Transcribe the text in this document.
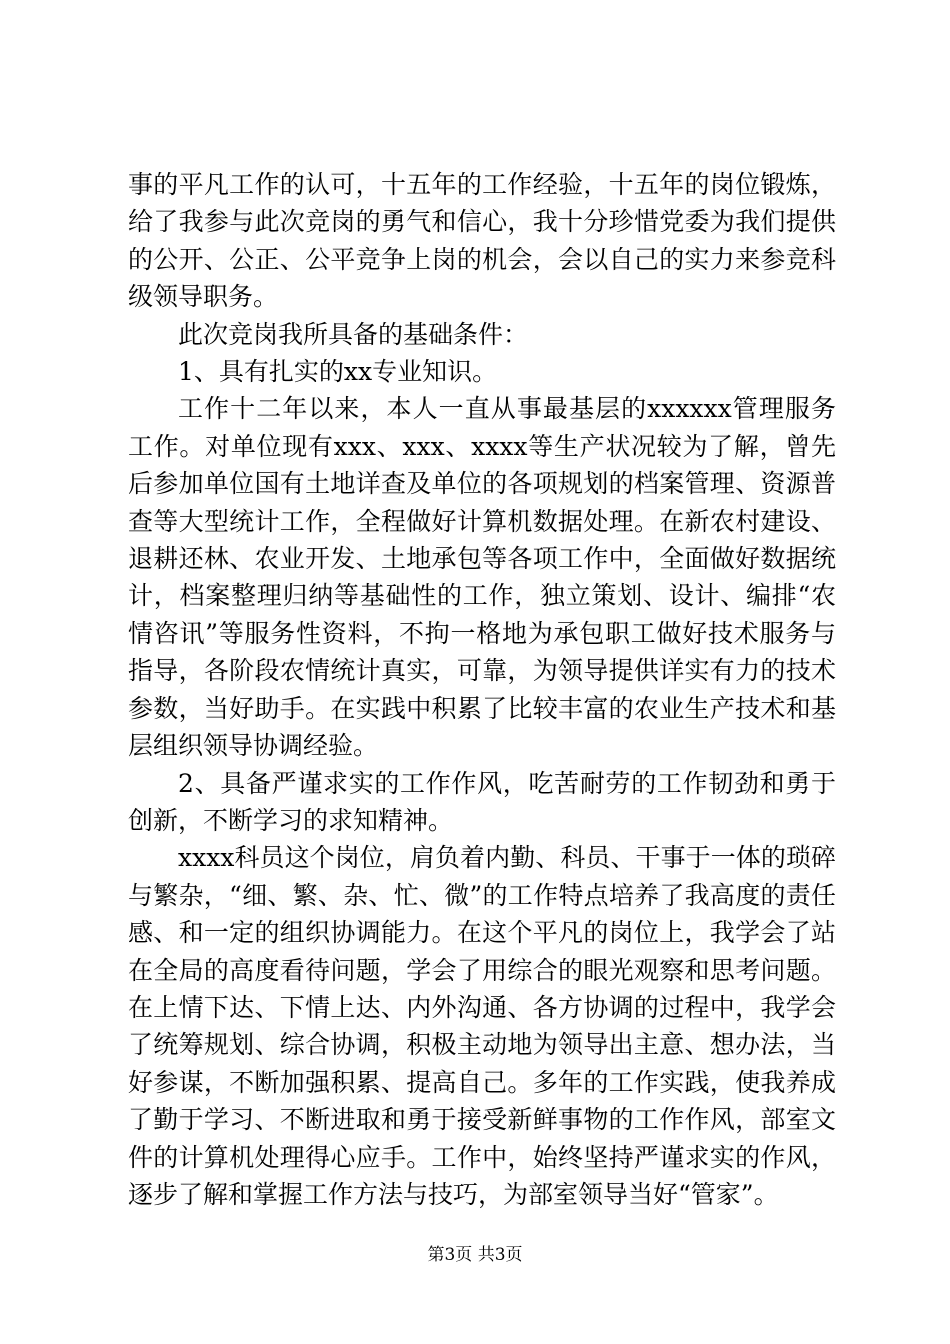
事的平凡工作的认可，十五年的工作经验，十五年的岗位锻炼，给了我参与此次竞岗的勇气和信心，我十分珍惜党委为我们提供的公开、公正、公平竞争上岗的机会，会以自己的实力来参竞科级领导职务。

此次竞岗我所具备的基础条件：

1、具有扎实的xx专业知识。

工作十二年以来，本人一直从事最基层的xxxxxx管理服务工作。对单位现有xxx、xxx、xxxx等生产状况较为了解，曾先后参加单位国有土地详查及单位的各项规划的档案管理、资源普查等大型统计工作，全程做好计算机数据处理。在新农村建设、退耕还林、农业开发、土地承包等各项工作中，全面做好数据统计，档案整理归纳等基础性的工作，独立策划、设计、编排“农情咨讯”等服务性资料，不拘一格地为承包职工做好技术服务与指导，各阶段农情统计真实，可靠，为领导提供详实有力的技术参数，当好助手。在实践中积累了比较丰富的农业生产技术和基层组织领导协调经验。

2、具备严谨求实的工作作风，吃苦耐劳的工作韧劲和勇于创新，不断学习的求知精神。

xxxx科员这个岗位，肩负着内勤、科员、干事于一体的琐碎与繁杂，“细、繁、杂、忙、微”的工作特点培养了我高度的责任感、和一定的组织协调能力。在这个平凡的岗位上，我学会了站在全局的高度看待问题，学会了用综合的眼光观察和思考问题。在上情下达、下情上达、内外沟通、各方协调的过程中，我学会了统筹规划、综合协调，积极主动地为领导出主意、想办法，当好参谋，不断加强积累、提高自己。多年的工作实践，使我养成了勤于学习、不断进取和勇于接受新鲜事物的工作作风，部室文件的计算机处理得心应手。工作中，始终坚持严谨求实的作风，逐步了解和掌握工作方法与技巧，为部室领导当好“管家”。

第3页 共3页
